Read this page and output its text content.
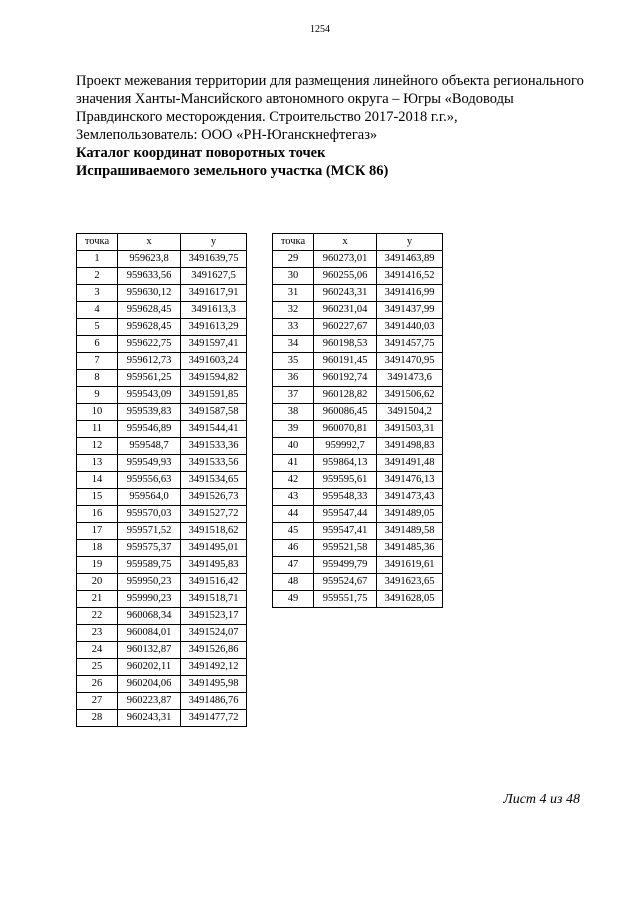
1254
Проект межевания территории для размещения линейного объекта регионального
значения Ханты-Мансийского автономного округа – Югры «Водоводы
Правдинского месторождения. Строительство 2017-2018 г.г.»,
Землепользователь: ООО «РН-Юганскнефтегаз»
Каталог координат поворотных точек
Испрашиваемого земельного участка (МСК 86)
точка	x	y
1	959623,8	3491639,75
2	959633,56	3491627,5
3	959630,12	3491617,91
4	959628,45	3491613,3
5	959628,45	3491613,29
6	959622,75	3491597,41
7	959612,73	3491603,24
8	959561,25	3491594,82
9	959543,09	3491591,85
10	959539,83	3491587,58
11	959546,89	3491544,41
12	959548,7	3491533,36
13	959549,93	3491533,56
14	959556,63	3491534,65
15	959564,0	3491526,73
16	959570,03	3491527,72
17	959571,52	3491518,62
18	959575,37	3491495,01
19	959589,75	3491495,83
20	959950,23	3491516,42
21	959990,23	3491518,71
22	960068,34	3491523,17
23	960084,01	3491524,07
24	960132,87	3491526,86
25	960202,11	3491492,12
26	960204,06	3491495,98
27	960223,87	3491486,76
28	960243,31	3491477,72
точка	x	y
29	960273,01	3491463,89
30	960255,06	3491416,52
31	960243,31	3491416,99
32	960231,04	3491437,99
33	960227,67	3491440,03
34	960198,53	3491457,75
35	960191,45	3491470,95
36	960192,74	3491473,6
37	960128,82	3491506,62
38	960086,45	3491504,2
39	960070,81	3491503,31
40	959992,7	3491498,83
41	959864,13	3491491,48
42	959595,61	3491476,13
43	959548,33	3491473,43
44	959547,44	3491489,05
45	959547,41	3491489,58
46	959521,58	3491485,36
47	959499,79	3491619,61
48	959524,67	3491623,65
49	959551,75	3491628,05
Лист 4 из 48
